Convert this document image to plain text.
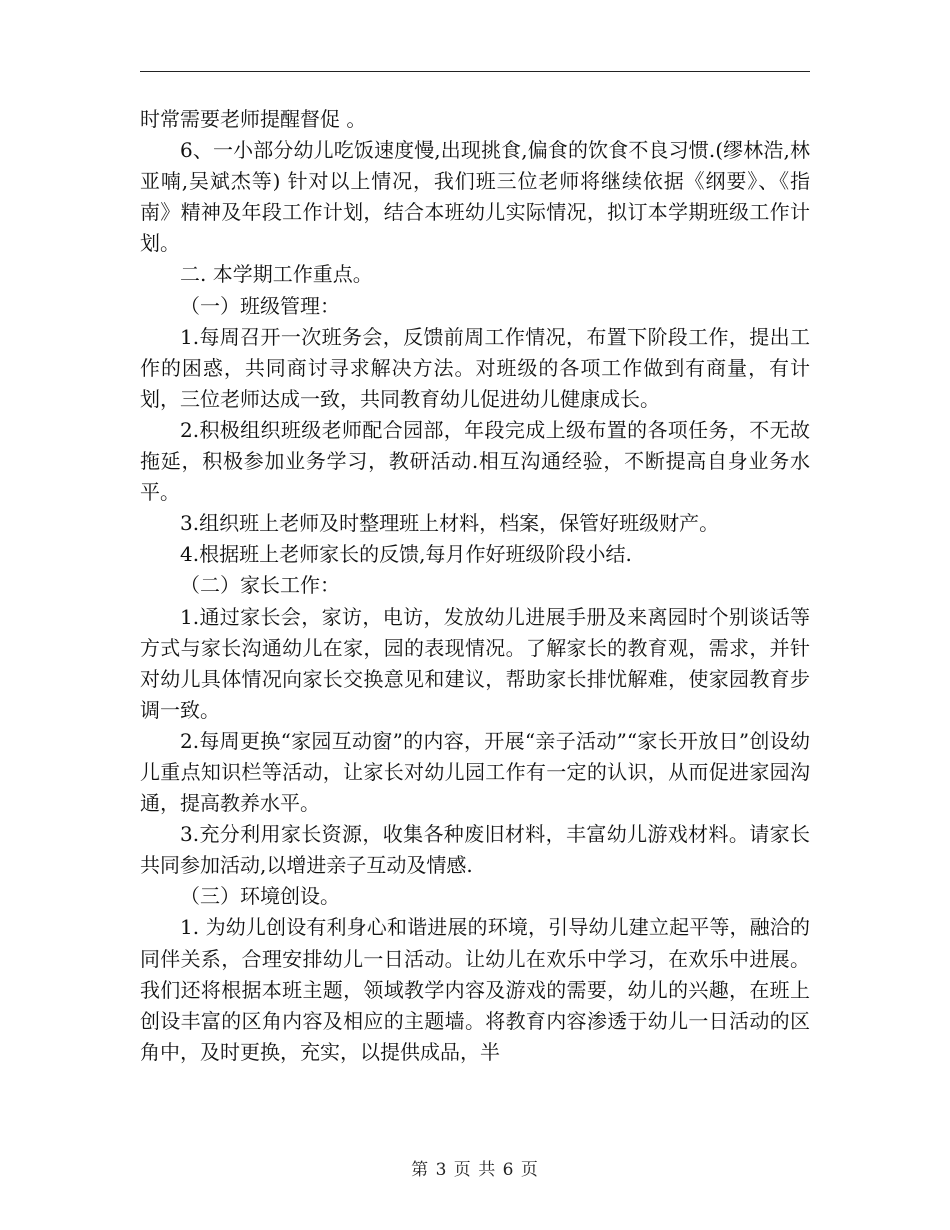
时常需要老师提醒督促 。

6、一小部分幼儿吃饭速度慢,出现挑食,偏食的饮食不良习惯.(缪林浩,林亚喃,吴斌杰等) 针对以上情况，我们班三位老师将继续依据《纲要》、《指南》精神及年段工作计划，结合本班幼儿实际情况，拟订本学期班级工作计划。

二. 本学期工作重点。

（一）班级管理：

1.每周召开一次班务会，反馈前周工作情况，布置下阶段工作，提出工作的困惑，共同商讨寻求解决方法。对班级的各项工作做到有商量，有计划，三位老师达成一致，共同教育幼儿促进幼儿健康成长。

2.积极组织班级老师配合园部，年段完成上级布置的各项任务，不无故拖延，积极参加业务学习，教研活动.相互沟通经验，不断提高自身业务水平。

3.组织班上老师及时整理班上材料，档案，保管好班级财产。

4.根据班上老师家长的反馈,每月作好班级阶段小结.

（二）家长工作：

1.通过家长会，家访，电访，发放幼儿进展手册及来离园时个别谈话等方式与家长沟通幼儿在家，园的表现情况。了解家长的教育观，需求，并针对幼儿具体情况向家长交换意见和建议，帮助家长排忧解难，使家园教育步调一致。

2.每周更换“家园互动窗”的内容，开展“亲子活动”“家长开放日”创设幼儿重点知识栏等活动，让家长对幼儿园工作有一定的认识，从而促进家园沟通，提高教养水平。

3.充分利用家长资源，收集各种废旧材料，丰富幼儿游戏材料。请家长共同参加活动,以增进亲子互动及情感.

（三）环境创设。

1. 为幼儿创设有利身心和谐进展的环境，引导幼儿建立起平等，融洽的同伴关系，合理安排幼儿一日活动。让幼儿在欢乐中学习，在欢乐中进展。我们还将根据本班主题，领域教学内容及游戏的需要，幼儿的兴趣，在班上创设丰富的区角内容及相应的主题墙。将教育内容渗透于幼儿一日活动的区角中，及时更换，充实，以提供成品，半

第 3 页 共 6 页
